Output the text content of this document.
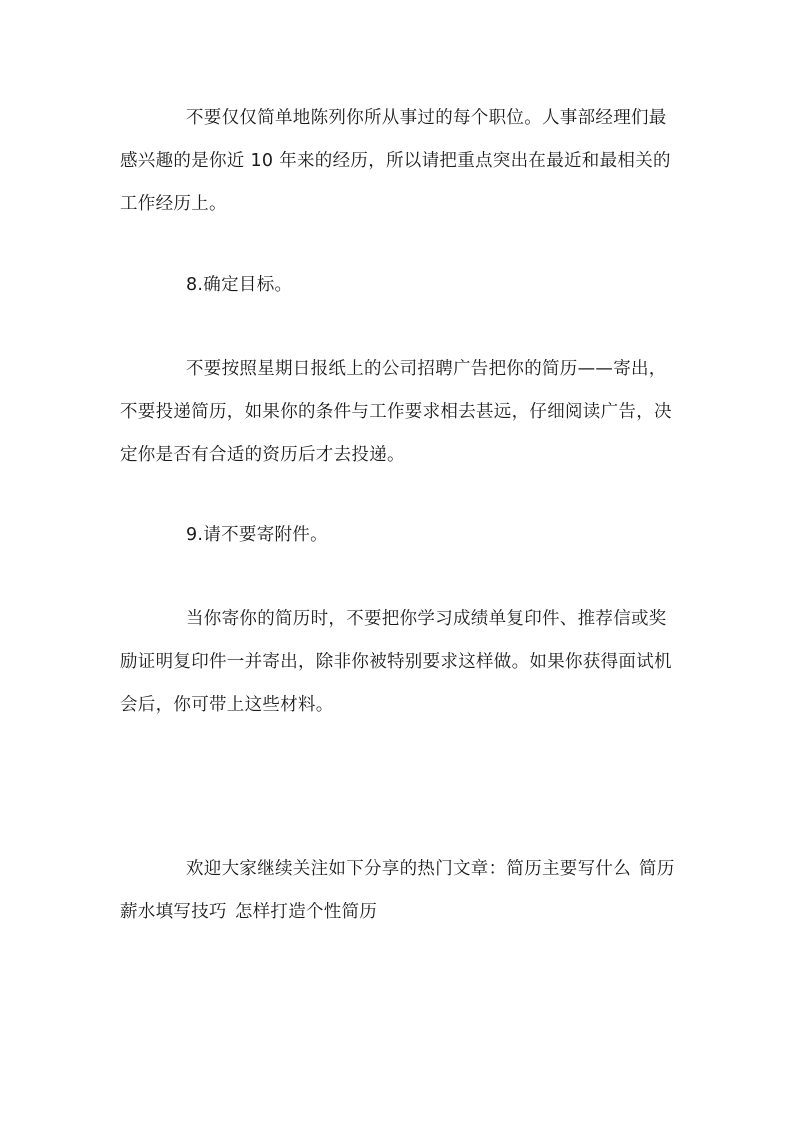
不要仅仅简单地陈列你所从事过的每个职位。人事部经理们最感兴趣的是你近 10 年来的经历，所以请把重点突出在最近和最相关的工作经历上。

8.确定目标。

不要按照星期日报纸上的公司招聘广告把你的简历——寄出，不要投递简历，如果你的条件与工作要求相去甚远，仔细阅读广告，决定你是否有合适的资历后才去投递。

9.请不要寄附件。

当你寄你的简历时，不要把你学习成绩单复印件、推荐信或奖励证明复印件一并寄出，除非你被特别要求这样做。如果你获得面试机会后，你可带上这些材料。

欢迎大家继续关注如下分享的热门文章：简历主要写什么 简历薪水填写技巧 怎样打造个性简历
